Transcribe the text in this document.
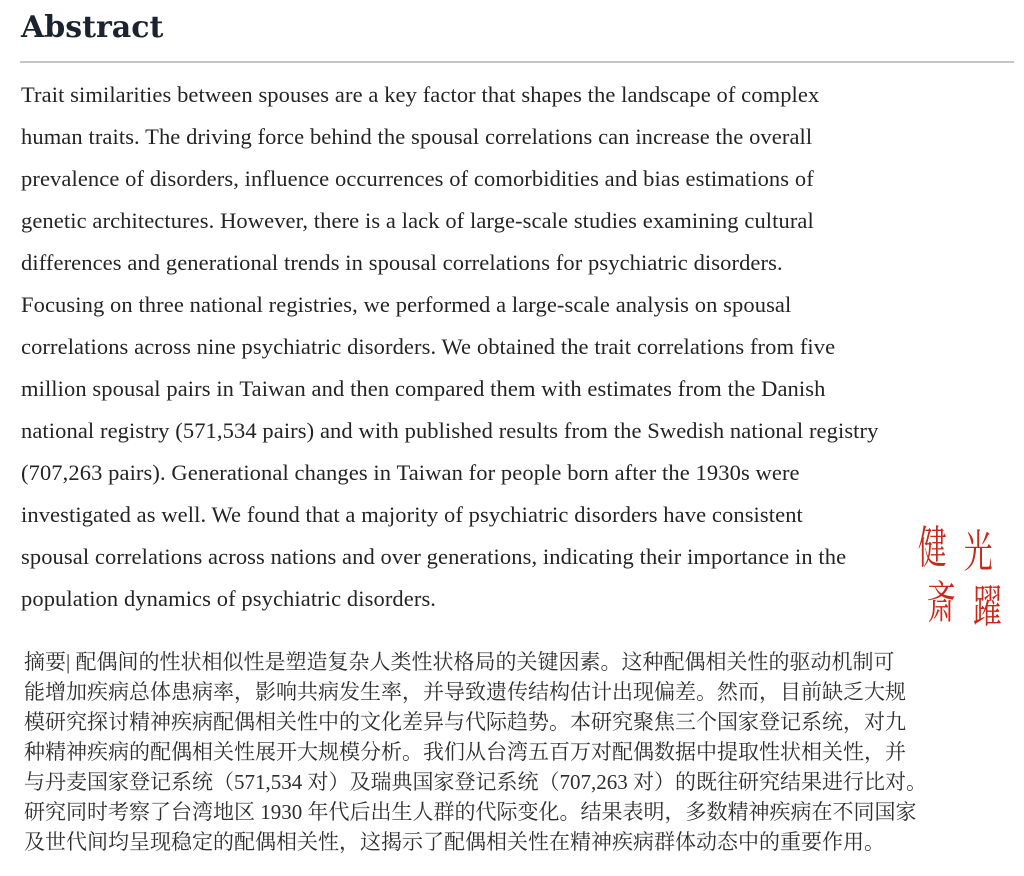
Abstract
Trait similarities between spouses are a key factor that shapes the landscape of complex
human traits. The driving force behind the spousal correlations can increase the overall
prevalence of disorders, influence occurrences of comorbidities and bias estimations of
genetic architectures. However, there is a lack of large-scale studies examining cultural
differences and generational trends in spousal correlations for psychiatric disorders.
Focusing on three national registries, we performed a large-scale analysis on spousal
correlations across nine psychiatric disorders. We obtained the trait correlations from five
million spousal pairs in Taiwan and then compared them with estimates from the Danish
national registry (571,534 pairs) and with published results from the Swedish national registry
(707,263 pairs). Generational changes in Taiwan for people born after the 1930s were
investigated as well. We found that a majority of psychiatric disorders have consistent
spousal correlations across nations and over generations, indicating their importance in the
population dynamics of psychiatric disorders.
健
斎
光
躍
摘要| 配偶间的性状相似性是塑造复杂人类性状格局的关键因素。这种配偶相关性的驱动机制可
能增加疾病总体患病率，影响共病发生率，并导致遗传结构估计出现偏差。然而，目前缺乏大规
模研究探讨精神疾病配偶相关性中的文化差异与代际趋势。本研究聚焦三个国家登记系统，对九
种精神疾病的配偶相关性展开大规模分析。我们从台湾五百万对配偶数据中提取性状相关性，并
与丹麦国家登记系统（571,534 对）及瑞典国家登记系统（707,263 对）的既往研究结果进行比对。
研究同时考察了台湾地区 1930 年代后出生人群的代际变化。结果表明，多数精神疾病在不同国家
及世代间均呈现稳定的配偶相关性，这揭示了配偶相关性在精神疾病群体动态中的重要作用。
